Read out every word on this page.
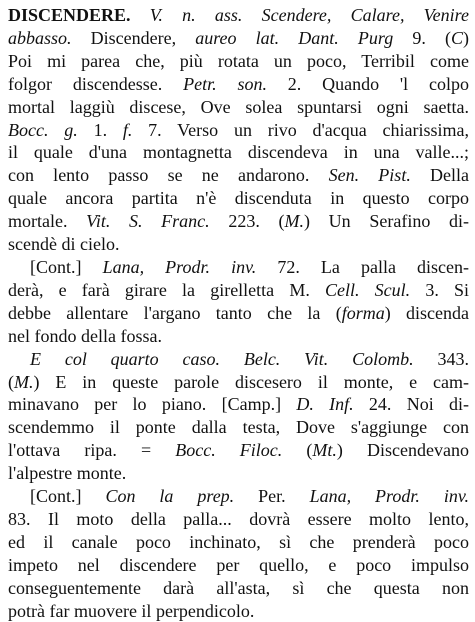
DISCENDERE. V. n. ass. Scendere, Calare, Venire
abbasso. Discendere, aureo lat. Dant. Purg 9. (C)
Poi mi parea che, più rotata un poco, Terribil come
folgor discendesse. Petr. son. 2. Quando 'l colpo
mortal laggiù discese, Ove solea spuntarsi ogni saetta.
Bocc. g. 1. f. 7. Verso un rivo d'acqua chiarissima,
il quale d'una montagnetta discendeva in una valle...;
con lento passo se ne andarono. Sen. Pist. Della
quale ancora partita n'è discenduta in questo corpo
mortale. Vit. S. Franc. 223. (M.) Un Serafino di-
scendè di cielo.
[Cont.] Lana, Prodr. inv. 72. La palla discen-
derà, e farà girare la girelletta M. Cell. Scul. 3. Si
debbe allentare l'argano tanto che la (forma) discenda
nel fondo della fossa.
E col quarto caso. Belc. Vit. Colomb. 343.
(M.) E in queste parole discesero il monte, e cam-
minavano per lo piano. [Camp.] D. Inf. 24. Noi di-
scendemmo il ponte dalla testa, Dove s'aggiunge con
l'ottava ripa. = Bocc. Filoc. (Mt.) Discendevano
l'alpestre monte.
[Cont.] Con la prep. Per. Lana, Prodr. inv.
83. Il moto della palla... dovrà essere molto lento,
ed il canale poco inchinato, sì che prenderà poco
impeto nel discendere per quello, e poco impulso
conseguentemente darà all'asta, sì che questa non
potrà far muovere il perpendicolo.
